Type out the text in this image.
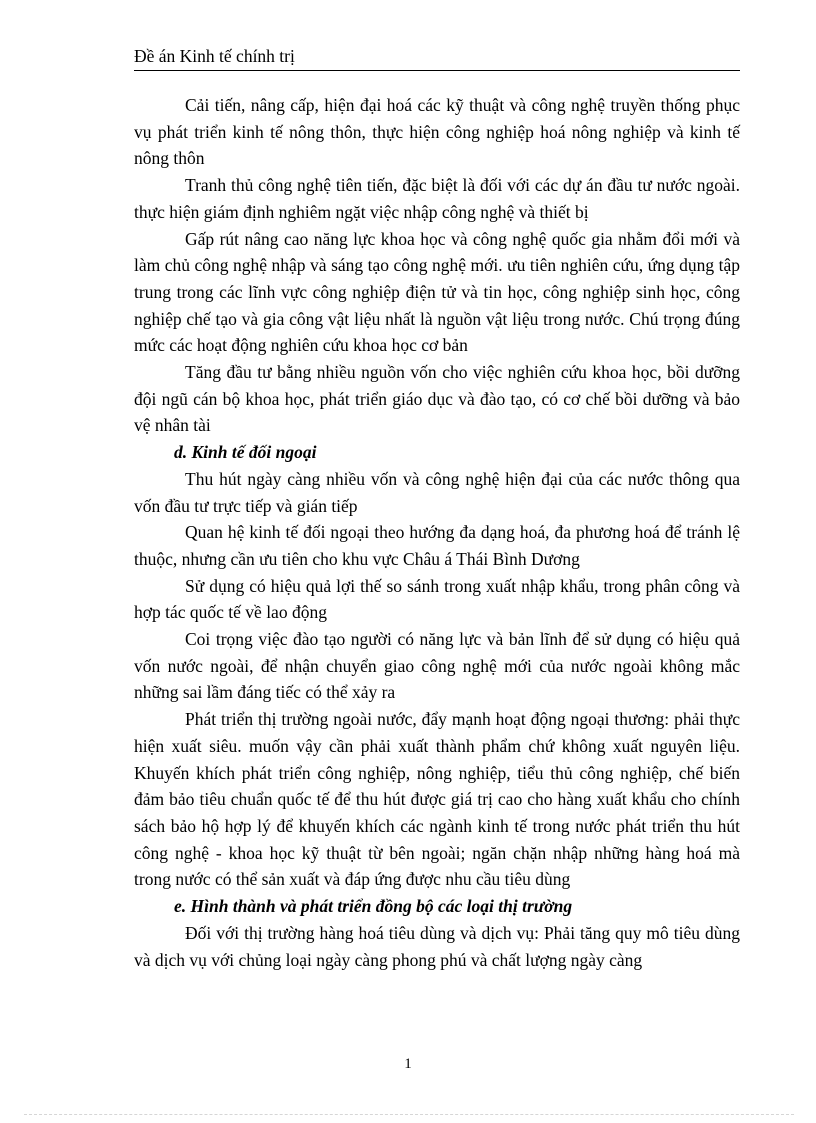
Đề án Kinh tế chính trị

Cải tiến, nâng cấp, hiện đại hoá các kỹ thuật và công nghệ truyền thống phục vụ phát triển kinh tế nông thôn, thực hiện công nghiệp hoá nông nghiệp và kinh tế nông thôn

Tranh thủ công nghệ tiên tiến, đặc biệt là đối với các dự án đầu tư nước ngoài. thực hiện giám định nghiêm ngặt việc nhập công nghệ và thiết bị

Gấp rút nâng cao năng lực khoa học và công nghệ quốc gia nhằm đổi mới và làm chủ công nghệ nhập và sáng tạo công nghệ mới. ưu tiên nghiên cứu, ứng dụng tập trung trong các lĩnh vực công nghiệp điện tử và tin học, công nghiệp sinh học, công nghiệp chế tạo và gia công vật liệu nhất là nguồn vật liệu trong nước. Chú trọng đúng mức các hoạt động nghiên cứu khoa học cơ bản

Tăng đầu tư bằng nhiều nguồn vốn cho việc nghiên cứu khoa học, bồi dưỡng đội ngũ cán bộ khoa học, phát triển giáo dục và đào tạo, có cơ chế bồi dưỡng và bảo vệ nhân tài

d. Kinh tế đối ngoại

Thu hút ngày càng nhiều vốn và công nghệ hiện đại của các nước thông qua vốn đầu tư trực tiếp và gián tiếp

Quan hệ kinh tế đối ngoại theo hướng đa dạng hoá, đa phương hoá để tránh lệ thuộc, nhưng cần ưu tiên cho khu vực Châu á Thái Bình Dương

Sử dụng có hiệu quả lợi thế so sánh trong xuất nhập khẩu, trong phân công và hợp tác quốc tế về lao động

Coi trọng việc đào tạo người có năng lực và bản lĩnh để sử dụng có hiệu quả vốn nước ngoài, để nhận chuyển giao công nghệ mới của nước ngoài không mắc những sai lầm đáng tiếc có thể xảy ra

Phát triển thị trường ngoài nước, đẩy mạnh hoạt động ngoại thương: phải thực hiện xuất siêu. muốn vậy cần phải xuất thành phẩm chứ không xuất nguyên liệu. Khuyến khích phát triển công nghiệp, nông nghiệp, tiểu thủ công nghiệp, chế biến đảm bảo tiêu chuẩn quốc tế để thu hút được giá trị cao cho hàng xuất khẩu cho chính sách bảo hộ hợp lý để khuyến khích các ngành kinh tế trong nước phát triển thu hút công nghệ - khoa học kỹ thuật từ bên ngoài; ngăn chặn nhập những hàng hoá mà trong nước có thể sản xuất và đáp ứng được nhu cầu tiêu dùng

e. Hình thành và phát triển đồng bộ các loại thị trường

Đối với thị trường hàng hoá tiêu dùng và dịch vụ: Phải tăng quy mô tiêu dùng và dịch vụ với chủng loại ngày càng phong phú và chất lượng ngày càng

1
